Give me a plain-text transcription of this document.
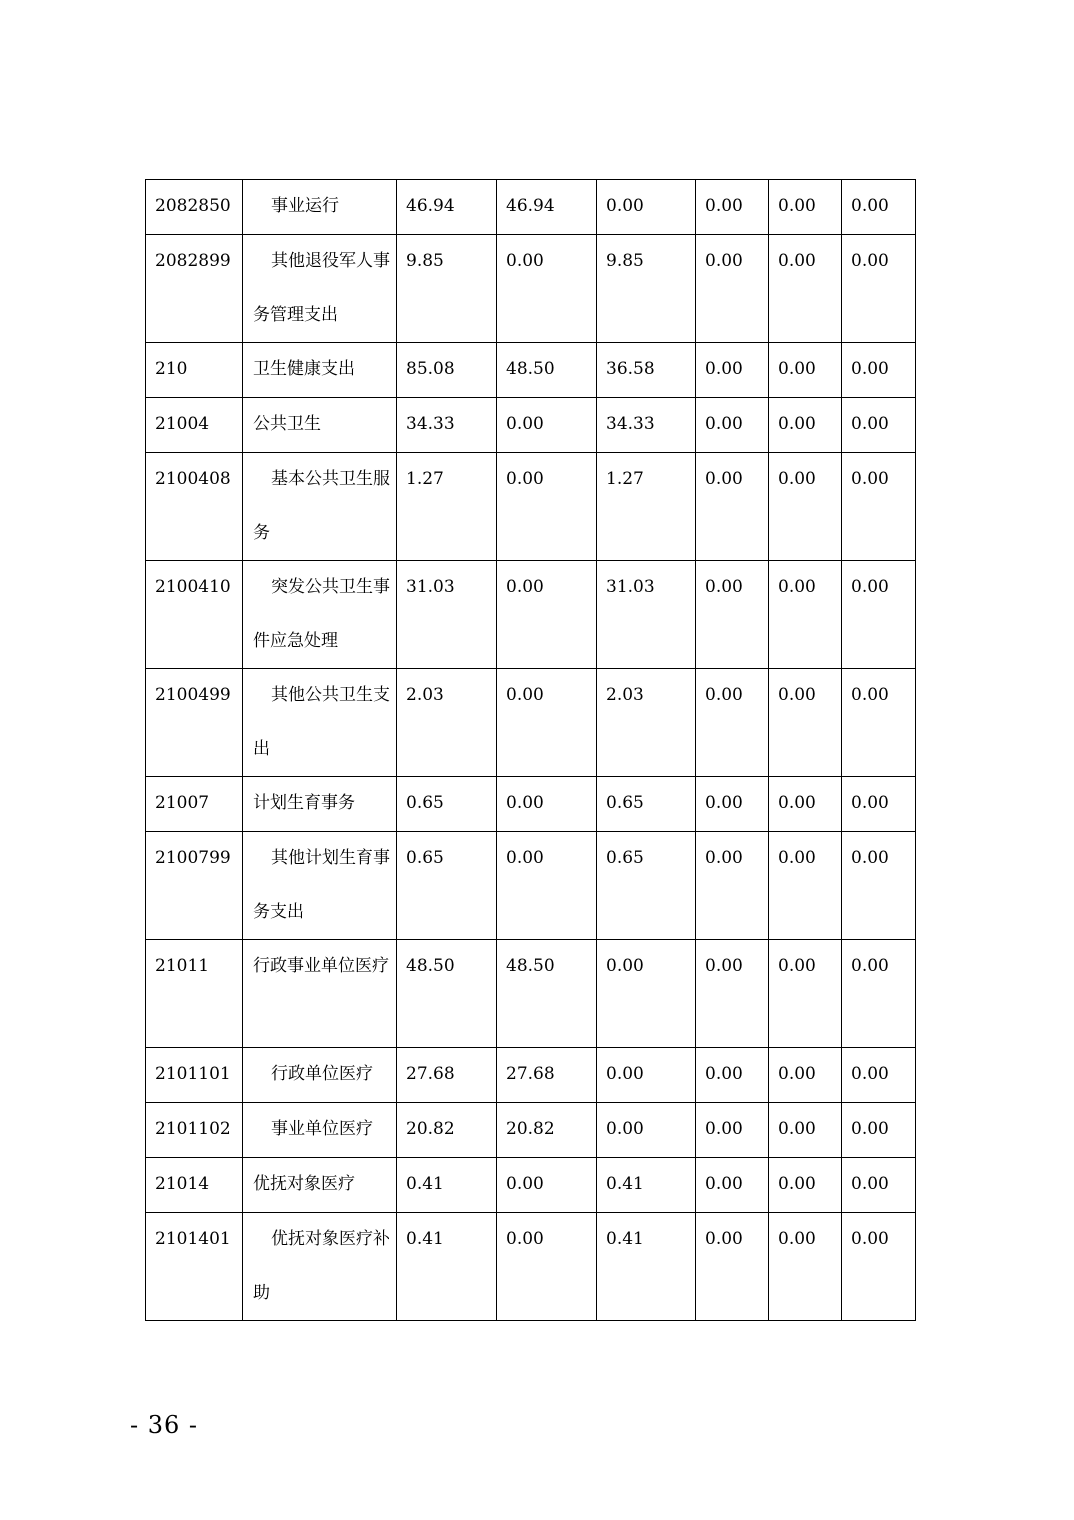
2082850	事业运行	46.94	46.94	0.00	0.00	0.00	0.00
2082899	其他退役军人事务管理支出	9.85	0.00	9.85	0.00	0.00	0.00
210	卫生健康支出	85.08	48.50	36.58	0.00	0.00	0.00
21004	公共卫生	34.33	0.00	34.33	0.00	0.00	0.00
2100408	基本公共卫生服务	1.27	0.00	1.27	0.00	0.00	0.00
2100410	突发公共卫生事件应急处理	31.03	0.00	31.03	0.00	0.00	0.00
2100499	其他公共卫生支出	2.03	0.00	2.03	0.00	0.00	0.00
21007	计划生育事务	0.65	0.00	0.65	0.00	0.00	0.00
2100799	其他计划生育事务支出	0.65	0.00	0.65	0.00	0.00	0.00
21011	行政事业单位医疗	48.50	48.50	0.00	0.00	0.00	0.00
2101101	行政单位医疗	27.68	27.68	0.00	0.00	0.00	0.00
2101102	事业单位医疗	20.82	20.82	0.00	0.00	0.00	0.00
21014	优抚对象医疗	0.41	0.00	0.41	0.00	0.00	0.00
2101401	优抚对象医疗补助	0.41	0.00	0.41	0.00	0.00	0.00
- 36 -
